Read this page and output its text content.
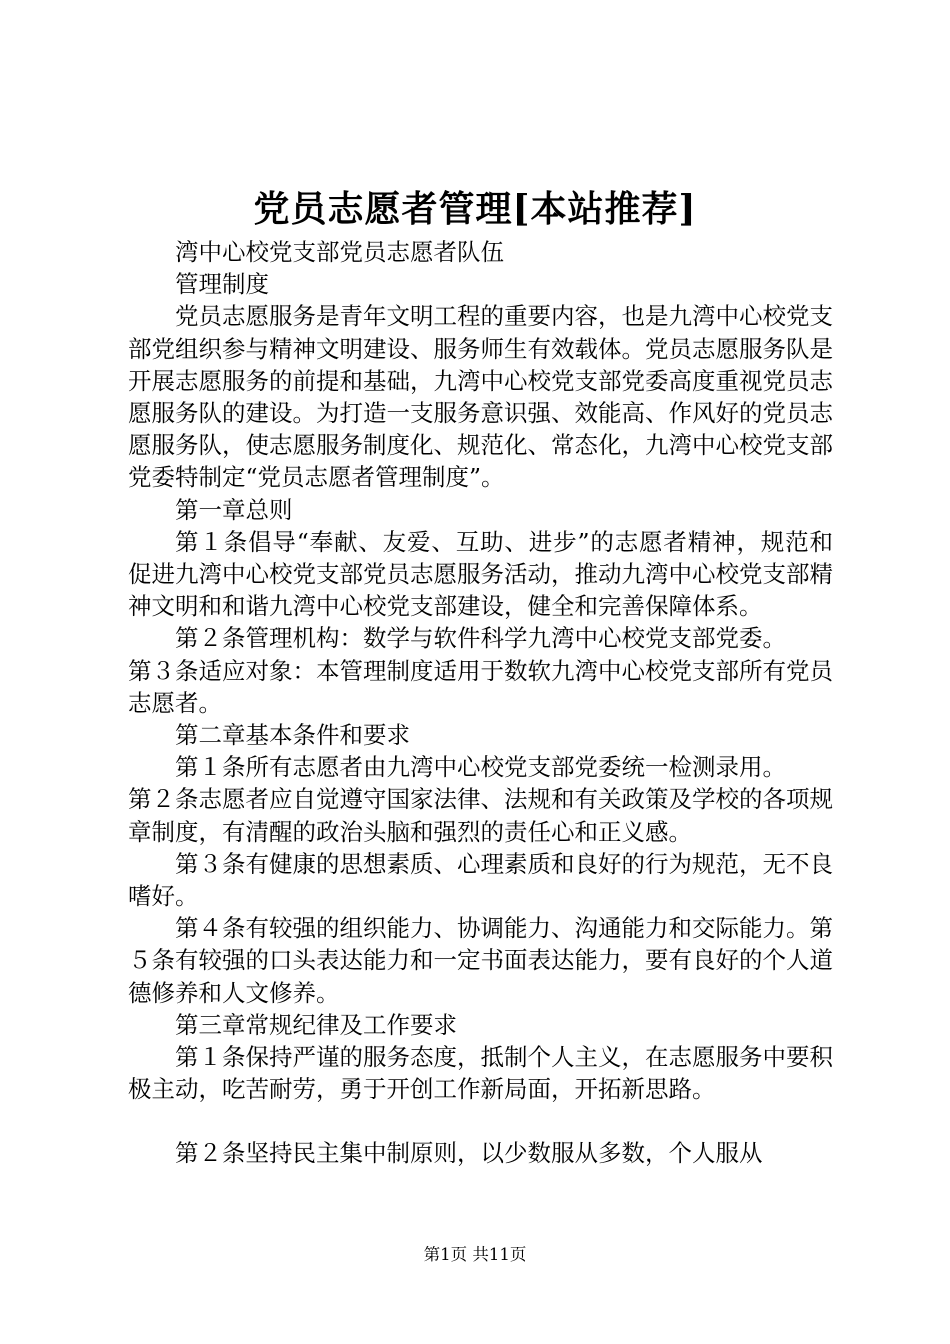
党员志愿者管理[本站推荐]

湾中心校党支部党员志愿者队伍

管理制度

党员志愿服务是青年文明工程的重要内容，也是九湾中心校党支部党组织参与精神文明建设、服务师生有效载体。党员志愿服务队是开展志愿服务的前提和基础，九湾中心校党支部党委高度重视党员志愿服务队的建设。为打造一支服务意识强、效能高、作风好的党员志愿服务队，使志愿服务制度化、规范化、常态化，九湾中心校党支部党委特制定“党员志愿者管理制度”。

第一章总则

第１条倡导“奉献、友爱、互助、进步”的志愿者精神，规范和促进九湾中心校党支部党员志愿服务活动，推动九湾中心校党支部精神文明和和谐九湾中心校党支部建设，健全和完善保障体系。

第２条管理机构：数学与软件科学九湾中心校党支部党委。

第３条适应对象：本管理制度适用于数软九湾中心校党支部所有党员志愿者。

第二章基本条件和要求

第１条所有志愿者由九湾中心校党支部党委统一检测录用。

第２条志愿者应自觉遵守国家法律、法规和有关政策及学校的各项规章制度，有清醒的政治头脑和强烈的责任心和正义感。

第３条有健康的思想素质、心理素质和良好的行为规范，无不良嗜好。

第４条有较强的组织能力、协调能力、沟通能力和交际能力。第５条有较强的口头表达能力和一定书面表达能力，要有良好的个人道德修养和人文修养。

第三章常规纪律及工作要求

第１条保持严谨的服务态度，抵制个人主义，在志愿服务中要积极主动，吃苦耐劳，勇于开创工作新局面，开拓新思路。

第２条坚持民主集中制原则，以少数服从多数，个人服从

第1页 共11页
